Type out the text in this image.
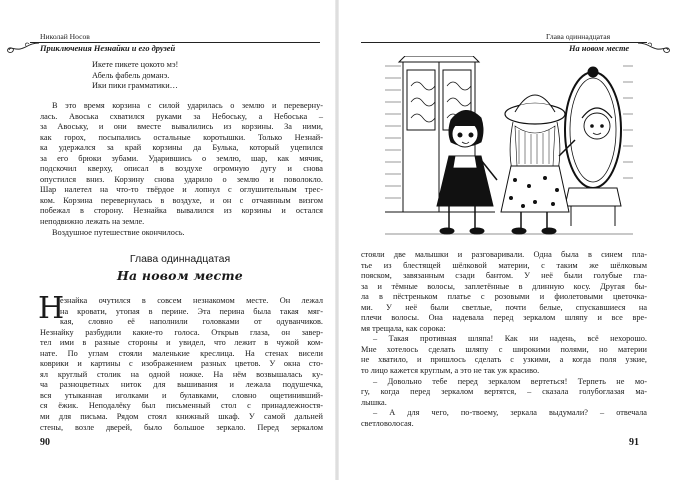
Николай Носов
Приключения Незнайки и его друзей
Икете пикете цокото мэ!
Абель фабель доманэ.
Ики пики грамматики…
В это время корзина с силой ударилась о землю и переверну-
лась. Авоська схватился руками за Небоську, а Небоська –
за Авоську, и они вместе вывалились из корзины. За ними,
как горох, посыпались остальные коротышки. Только Незнай-
ка удержался за край корзины да Булька, который уцепился
за его брюки зубами. Ударившись о землю, шар, как мячик,
подскочил кверху, описал в воздухе огромную дугу и снова
опустился вниз. Корзину снова ударило о землю и поволокло.
Шар налетел на что-то твёрдое и лопнул с оглушительным трес-
ком. Корзина перевернулась в воздухе, и он с отчаянным визгом
побежал в сторону. Незнайка вывалился из корзины и остался
неподвижно лежать на земле.
Воздушное путешествие окончилось.
Глава одиннадцатая
На новом месте
Н
езнайка очутился в совсем незнакомом месте. Он лежал
на кровати, утопая в перине. Эта перина была такая мяг-
кая, словно её наполнили головками от одуванчиков.
Незнайку разбудили какие-то голоса. Открыв глаза, он завер-
тел ими в разные стороны и увидел, что лежит в чужой ком-
нате. По углам стояли маленькие креслица. На стенах висели
коврики и картины с изображением разных цветов. У окна сто-
ял круглый столик на одной ножке. На нём возвышалась ку-
ча разноцветных ниток для вышивания и лежала подушечка,
вся утыканная иголками и булавками, словно ощетинивший-
ся ёжик. Неподалёку был письменный стол с принадлежностя-
ми для письма. Рядом стоял книжный шкаф. У самой дальней
стены, возле дверей, было большое зеркало. Перед зеркалом
90
Глава одиннадцатая
На новом месте
стояли две малышки и разговаривали. Одна была в синем пла-
тье из блестящей шёлковой материи, с таким же шёлковым
пояском, завязанным сзади бантом. У неё были голубые гла-
за и тёмные волосы, заплетённые в длинную косу. Другая бы-
ла в пёстреньком платье с розовыми и фиолетовыми цветочка-
ми. У неё были светлые, почти белые, спускавшиеся на
плечи волосы. Она надевала перед зеркалом шляпу и все вре-
мя трещала, как сорока:
– Такая противная шляпа! Как ни надень, всё нехорошо.
Мне хотелось сделать шляпу с широкими полями, но материи
не хватило, и пришлось сделать с узкими, а когда поля узкие,
то лицо кажется круглым, а это не так уж красиво.
– Довольно тебе перед зеркалом вертеться! Терпеть не мо-
гу, когда перед зеркалом вертятся, – сказала голубоглазая ма-
лышка.
– А для чего, по-твоему, зеркала выдумали? – отвечала
светловолосая.
91
